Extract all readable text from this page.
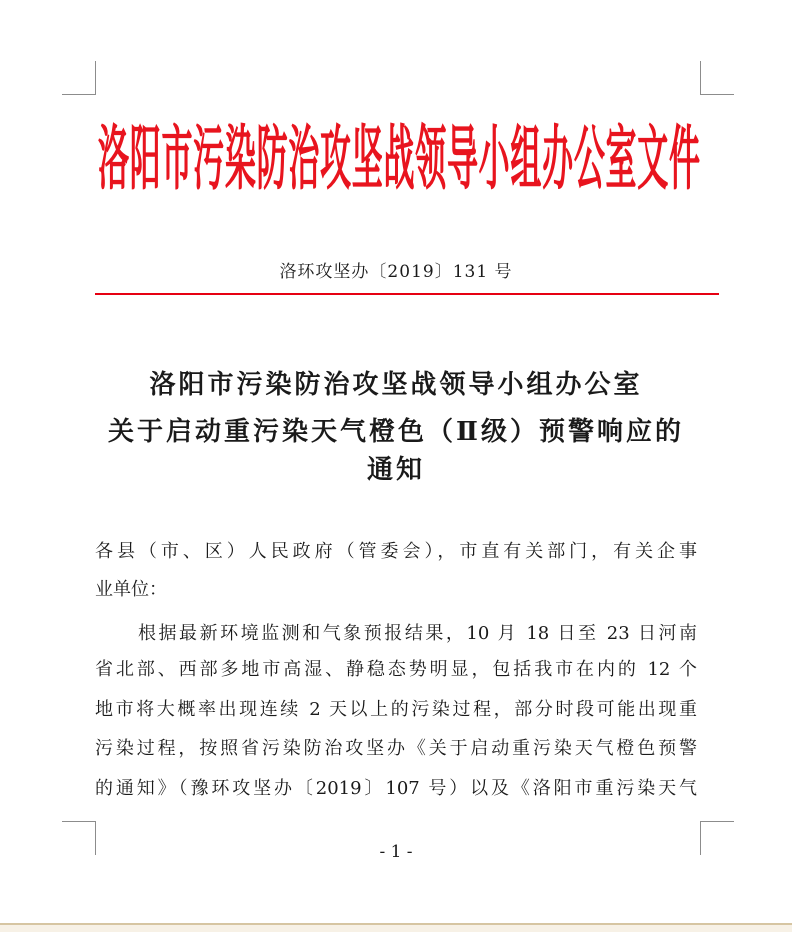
洛阳市污染防治攻坚战领导小组办公室文件
洛环攻坚办〔2019〕131 号
洛阳市污染防治攻坚战领导小组办公室
关于启动重污染天气橙色（Ⅱ级）预警响应的
通知
各县（市、区）人民政府（管委会），市直有关部门，有关企事
业单位：
根据最新环境监测和气象预报结果，10 月 18 日至 23 日河南
省北部、西部多地市高湿、静稳态势明显，包括我市在内的 12 个
地市将大概率出现连续 2 天以上的污染过程，部分时段可能出现重
污染过程，按照省污染防治攻坚办《关于启动重污染天气橙色预警
的通知》（豫环攻坚办〔2019〕107 号）以及《洛阳市重污染天气
- 1 -
